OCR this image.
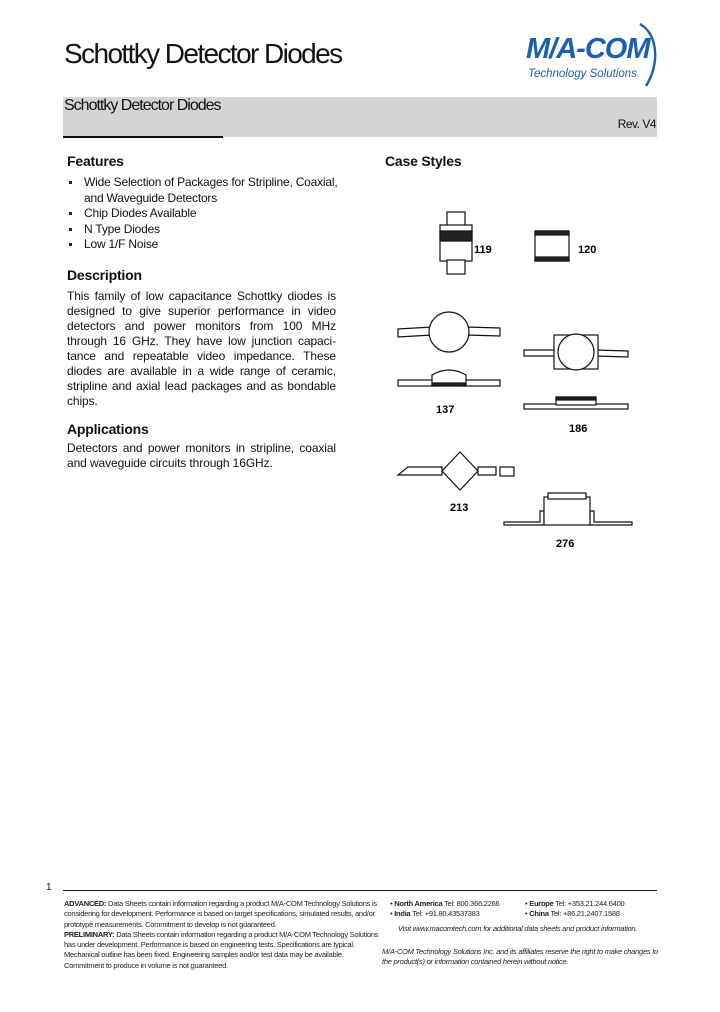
Schottky Detector Diodes	M/A-COM
Technology Solutions
Schottky Detector Diodes
Rev. V4
Features
Wide Selection of Packages for Stripline, Coaxial, and Waveguide Detectors
Chip Diodes Available
N Type Diodes
Low 1/F Noise
Description

This family of low capacitance Schottky diodes is designed to give superior performance in video detectors and power monitors from 100 MHz through 16 GHz. They have low junction capaci-tance and repeatable video impedance. These diodes are available in a wide range of ceramic, stripline and axial lead packages and as bondable chips.

Applications

Detectors and power monitors in stripline, coaxial and waveguide circuits through 16GHz.

Case Styles
119	120
137
186
213
276
1
ADVANCED: Data Sheets contain information regarding a product M/A-COM Technology Solutions is considering for development. Performance is based on target specifications, simulated results, and/or prototype measurements. Commitment to develop is not guaranteed.
PRELIMINARY: Data Sheets contain information regarding a product M/A-COM Technology Solutions has under development. Performance is based on engineering tests. Specifications are typical. Mechanical outline has been fixed. Engineering samples and/or test data may be available. Commitment to produce in volume is not guaranteed.
• North America Tel: 800.366.2266	• Europe Tel: +353.21.244.6400
• India Tel: +91.80.43537383	• China Tel: +86.21.2407.1588
Visit www.macomtech.com for additional data sheets and product information.
M/A-COM Technology Solutions Inc. and its affiliates reserve the right to make changes to the product(s) or information contained herein without notice.
